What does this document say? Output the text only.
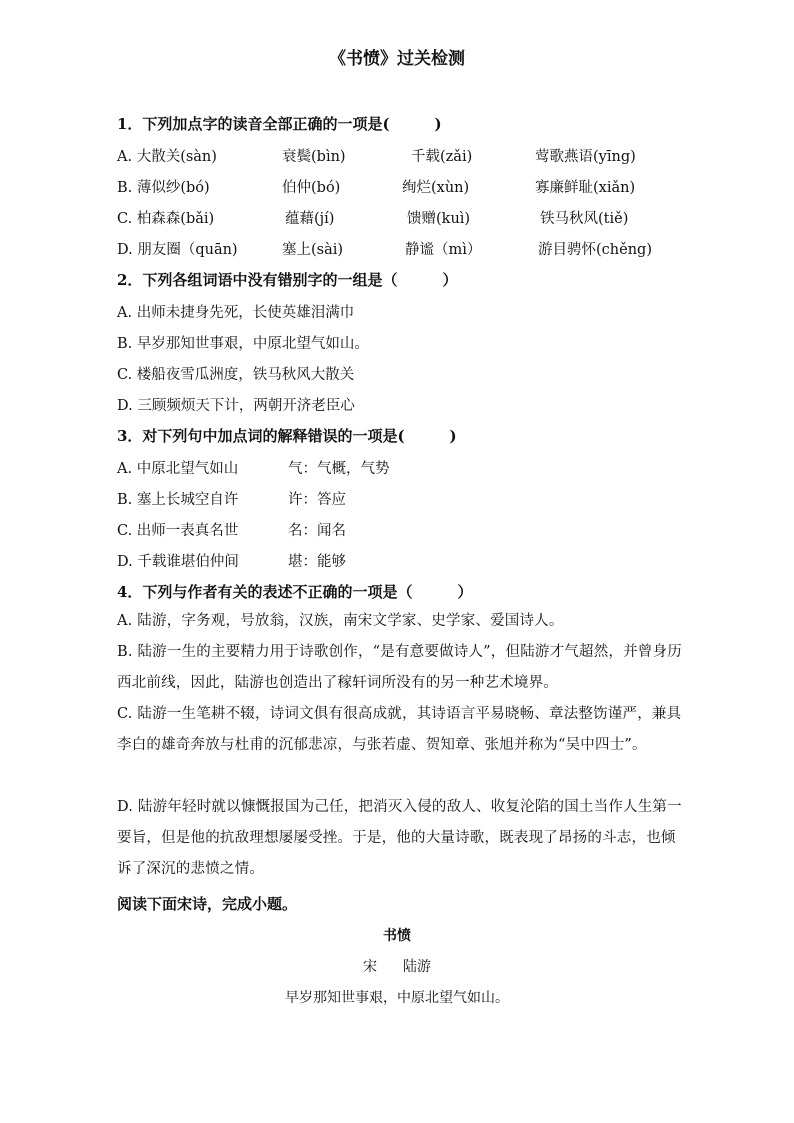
《书愤》过关检测
1．下列加点字的读音全部正确的一项是(　　　)
A. 大散关(sàn)	衰鬓(bìn)	千载(zǎi)	莺歌燕语(yīng)
B. 薄似纱(bó)	伯仲(bó)	绚烂(xùn)	寡廉鲜耻(xiǎn)
C. 柏森森(bǎi)	蕴藉(jí)	馈赠(kuì)	铁马秋风(tiě)
D. 朋友圈（quān)	塞上(sài)	静谧（mì）	游目骋怀(chěng)
2．下列各组词语中没有错别字的一组是（　　　）
A. 出师未捷身先死，长使英雄泪满巾
B. 早岁那知世事艰，中原北望气如山。
C. 楼船夜雪瓜洲度，铁马秋风大散关
D. 三顾频烦天下计，两朝开济老臣心
3．对下列句中加点词的解释错误的一项是(　　　)
A. 中原北望气如山	气：气概，气势
B. 塞上长城空自许	许：答应
C. 出师一表真名世	名：闻名
D. 千载谁堪伯仲间	堪：能够
4．下列与作者有关的表述不正确的一项是（　　　）
A. 陆游，字务观，号放翁，汉族，南宋文学家、史学家、爱国诗人。
B. 陆游一生的主要精力用于诗歌创作，“是有意要做诗人”，但陆游才气超然，并曾身历西北前线，因此，陆游也创造出了稼轩词所没有的另一种艺术境界。
C. 陆游一生笔耕不辍，诗词文俱有很高成就，其诗语言平易晓畅、章法整饬谨严，兼具李白的雄奇奔放与杜甫的沉郁悲凉，与张若虚、贺知章、张旭并称为“吴中四士”。
D. 陆游年轻时就以慷慨报国为己任，把消灭入侵的敌人、收复沦陷的国土当作人生第一要旨，但是他的抗敌理想屡屡受挫。于是，他的大量诗歌，既表现了昂扬的斗志，也倾诉了深沉的悲愤之情。
阅读下面宋诗，完成小题。
书愤
宋 陆游
早岁那知世事艰，中原北望气如山。
